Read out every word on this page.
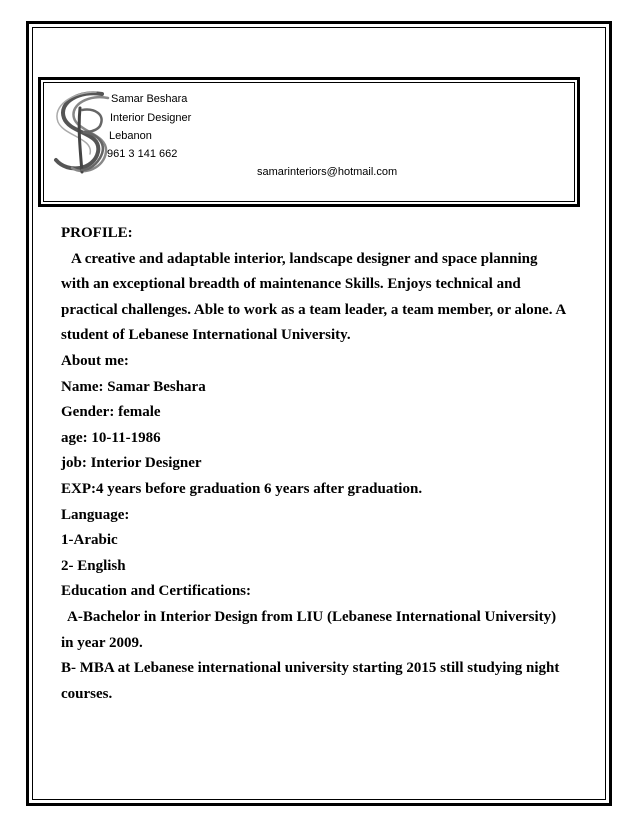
Samar Beshara
Interior Designer
Lebanon
961 3 141 662
samarinteriors@hotmail.com
PROFILE:
A creative and adaptable interior, landscape designer and space planning
with an exceptional breadth of maintenance Skills. Enjoys technical and
practical challenges. Able to work as a team leader, a team member, or alone. A
student of Lebanese International University.
About me:
Name: Samar Beshara
Gender: female
age: 10-11-1986
job: Interior Designer
EXP:4 years before graduation 6 years after graduation.
Language:
1-Arabic
2- English
Education and Certifications:
A-Bachelor in Interior Design from LIU (Lebanese International University)
in year 2009.
B- MBA at Lebanese international university starting 2015 still studying night
courses.
